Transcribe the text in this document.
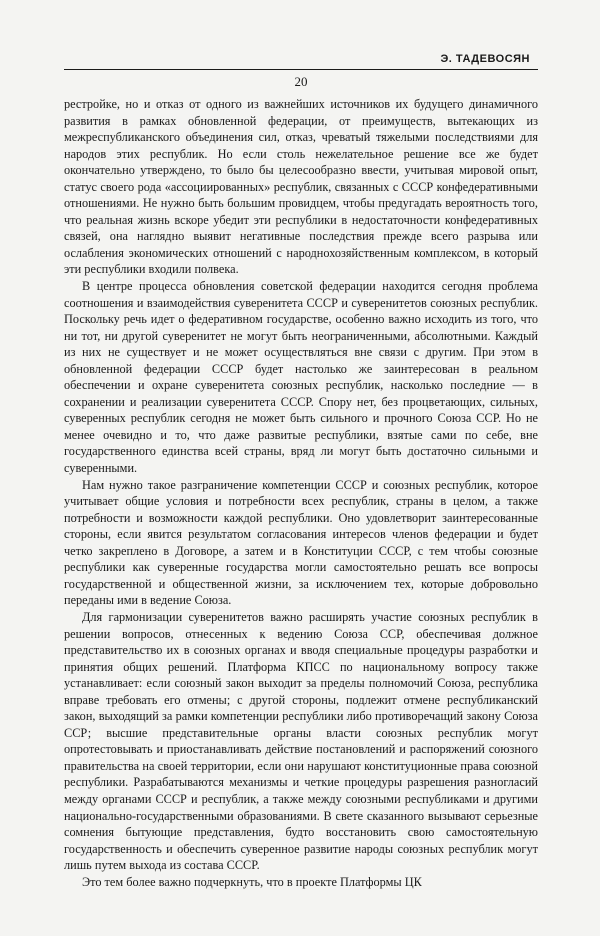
Э. ТАДЕВОСЯН
20

рестройке, но и отказ от одного из важнейших источников их будущего динамичного развития в рамках обновленной федерации, от преимуществ, вытекающих из межреспубликанского объединения сил, отказ, чреватый тяжелыми последствиями для народов этих республик. Но если столь нежелательное решение все же будет окончательно утверждено, то было бы целесообразно ввести, учитывая мировой опыт, статус своего рода «ассоциированных» республик, связанных с СССР конфедеративными отношениями. Не нужно быть большим провидцем, чтобы предугадать вероятность того, что реальная жизнь вскоре убедит эти республики в недостаточности конфедеративных связей, она наглядно выявит негативные последствия прежде всего разрыва или ослабления экономических отношений с народнохозяйственным комплексом, в который эти республики входили полвека.

В центре процесса обновления советской федерации находится сегодня проблема соотношения и взаимодействия суверенитета СССР и суверенитетов союзных республик. Поскольку речь идет о федеративном государстве, особенно важно исходить из того, что ни тот, ни другой суверенитет не могут быть неограниченными, абсолютными. Каждый из них не существует и не может осуществляться вне связи с другим. При этом в обновленной федерации СССР будет настолько же заинтересован в реальном обеспечении и охране суверенитета союзных республик, насколько последние — в сохранении и реализации суверенитета СССР. Спору нет, без процветающих, сильных, суверенных республик сегодня не может быть сильного и прочного Союза ССР. Но не менее очевидно и то, что даже развитые республики, взятые сами по себе, вне государственного единства всей страны, вряд ли могут быть достаточно сильными и суверенными.

Нам нужно такое разграничение компетенции СССР и союзных республик, которое учитывает общие условия и потребности всех республик, страны в целом, а также потребности и возможности каждой республики. Оно удовлетворит заинтересованные стороны, если явится результатом согласования интересов членов федерации и будет четко закреплено в Договоре, а затем и в Конституции СССР, с тем чтобы союзные республики как суверенные государства могли самостоятельно решать все вопросы государственной и общественной жизни, за исключением тех, которые добровольно переданы ими в ведение Союза.

Для гармонизации суверенитетов важно расширять участие союзных республик в решении вопросов, отнесенных к ведению Союза ССР, обеспечивая должное представительство их в союзных органах и вводя специальные процедуры разработки и принятия общих решений. Платформа КПСС по национальному вопросу также устанавливает: если союзный закон выходит за пределы полномочий Союза, республика вправе требовать его отмены; с другой стороны, подлежит отмене республиканский закон, выходящий за рамки компетенции республики либо противоречащий закону Союза ССР; высшие представительные органы власти союзных республик могут опротестовывать и приостанавливать действие постановлений и распоряжений союзного правительства на своей территории, если они нарушают конституционные права союзной республики. Разрабатываются механизмы и четкие процедуры разрешения разногласий между органами СССР и республик, а также между союзными республиками и другими национально-государственными образованиями. В свете сказанного вызывают серьезные сомнения бытующие представления, будто восстановить свою самостоятельную государственность и обеспечить суверенное развитие народы союзных республик могут лишь путем выхода из состава СССР.

Это тем более важно подчеркнуть, что в проекте Платформы ЦК
